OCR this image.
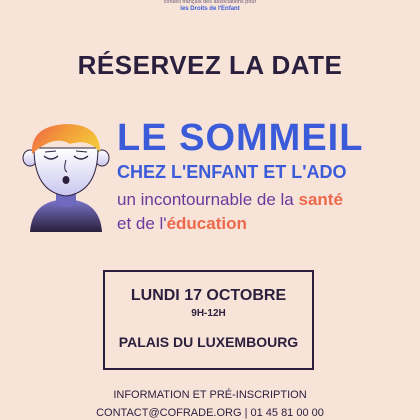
conseil français des associations pour
les Droits de l'Enfant
RÉSERVEZ LA DATE
LE SOMMEIL
CHEZ L'ENFANT ET L'ADO
un incontournable de la santé
et de l'éducation
LUNDI 17 OCTOBRE
9H-12H
PALAIS DU LUXEMBOURG
INFORMATION ET PRÉ-INSCRIPTION
CONTACT@COFRADE.ORG | 01 45 81 00 00
